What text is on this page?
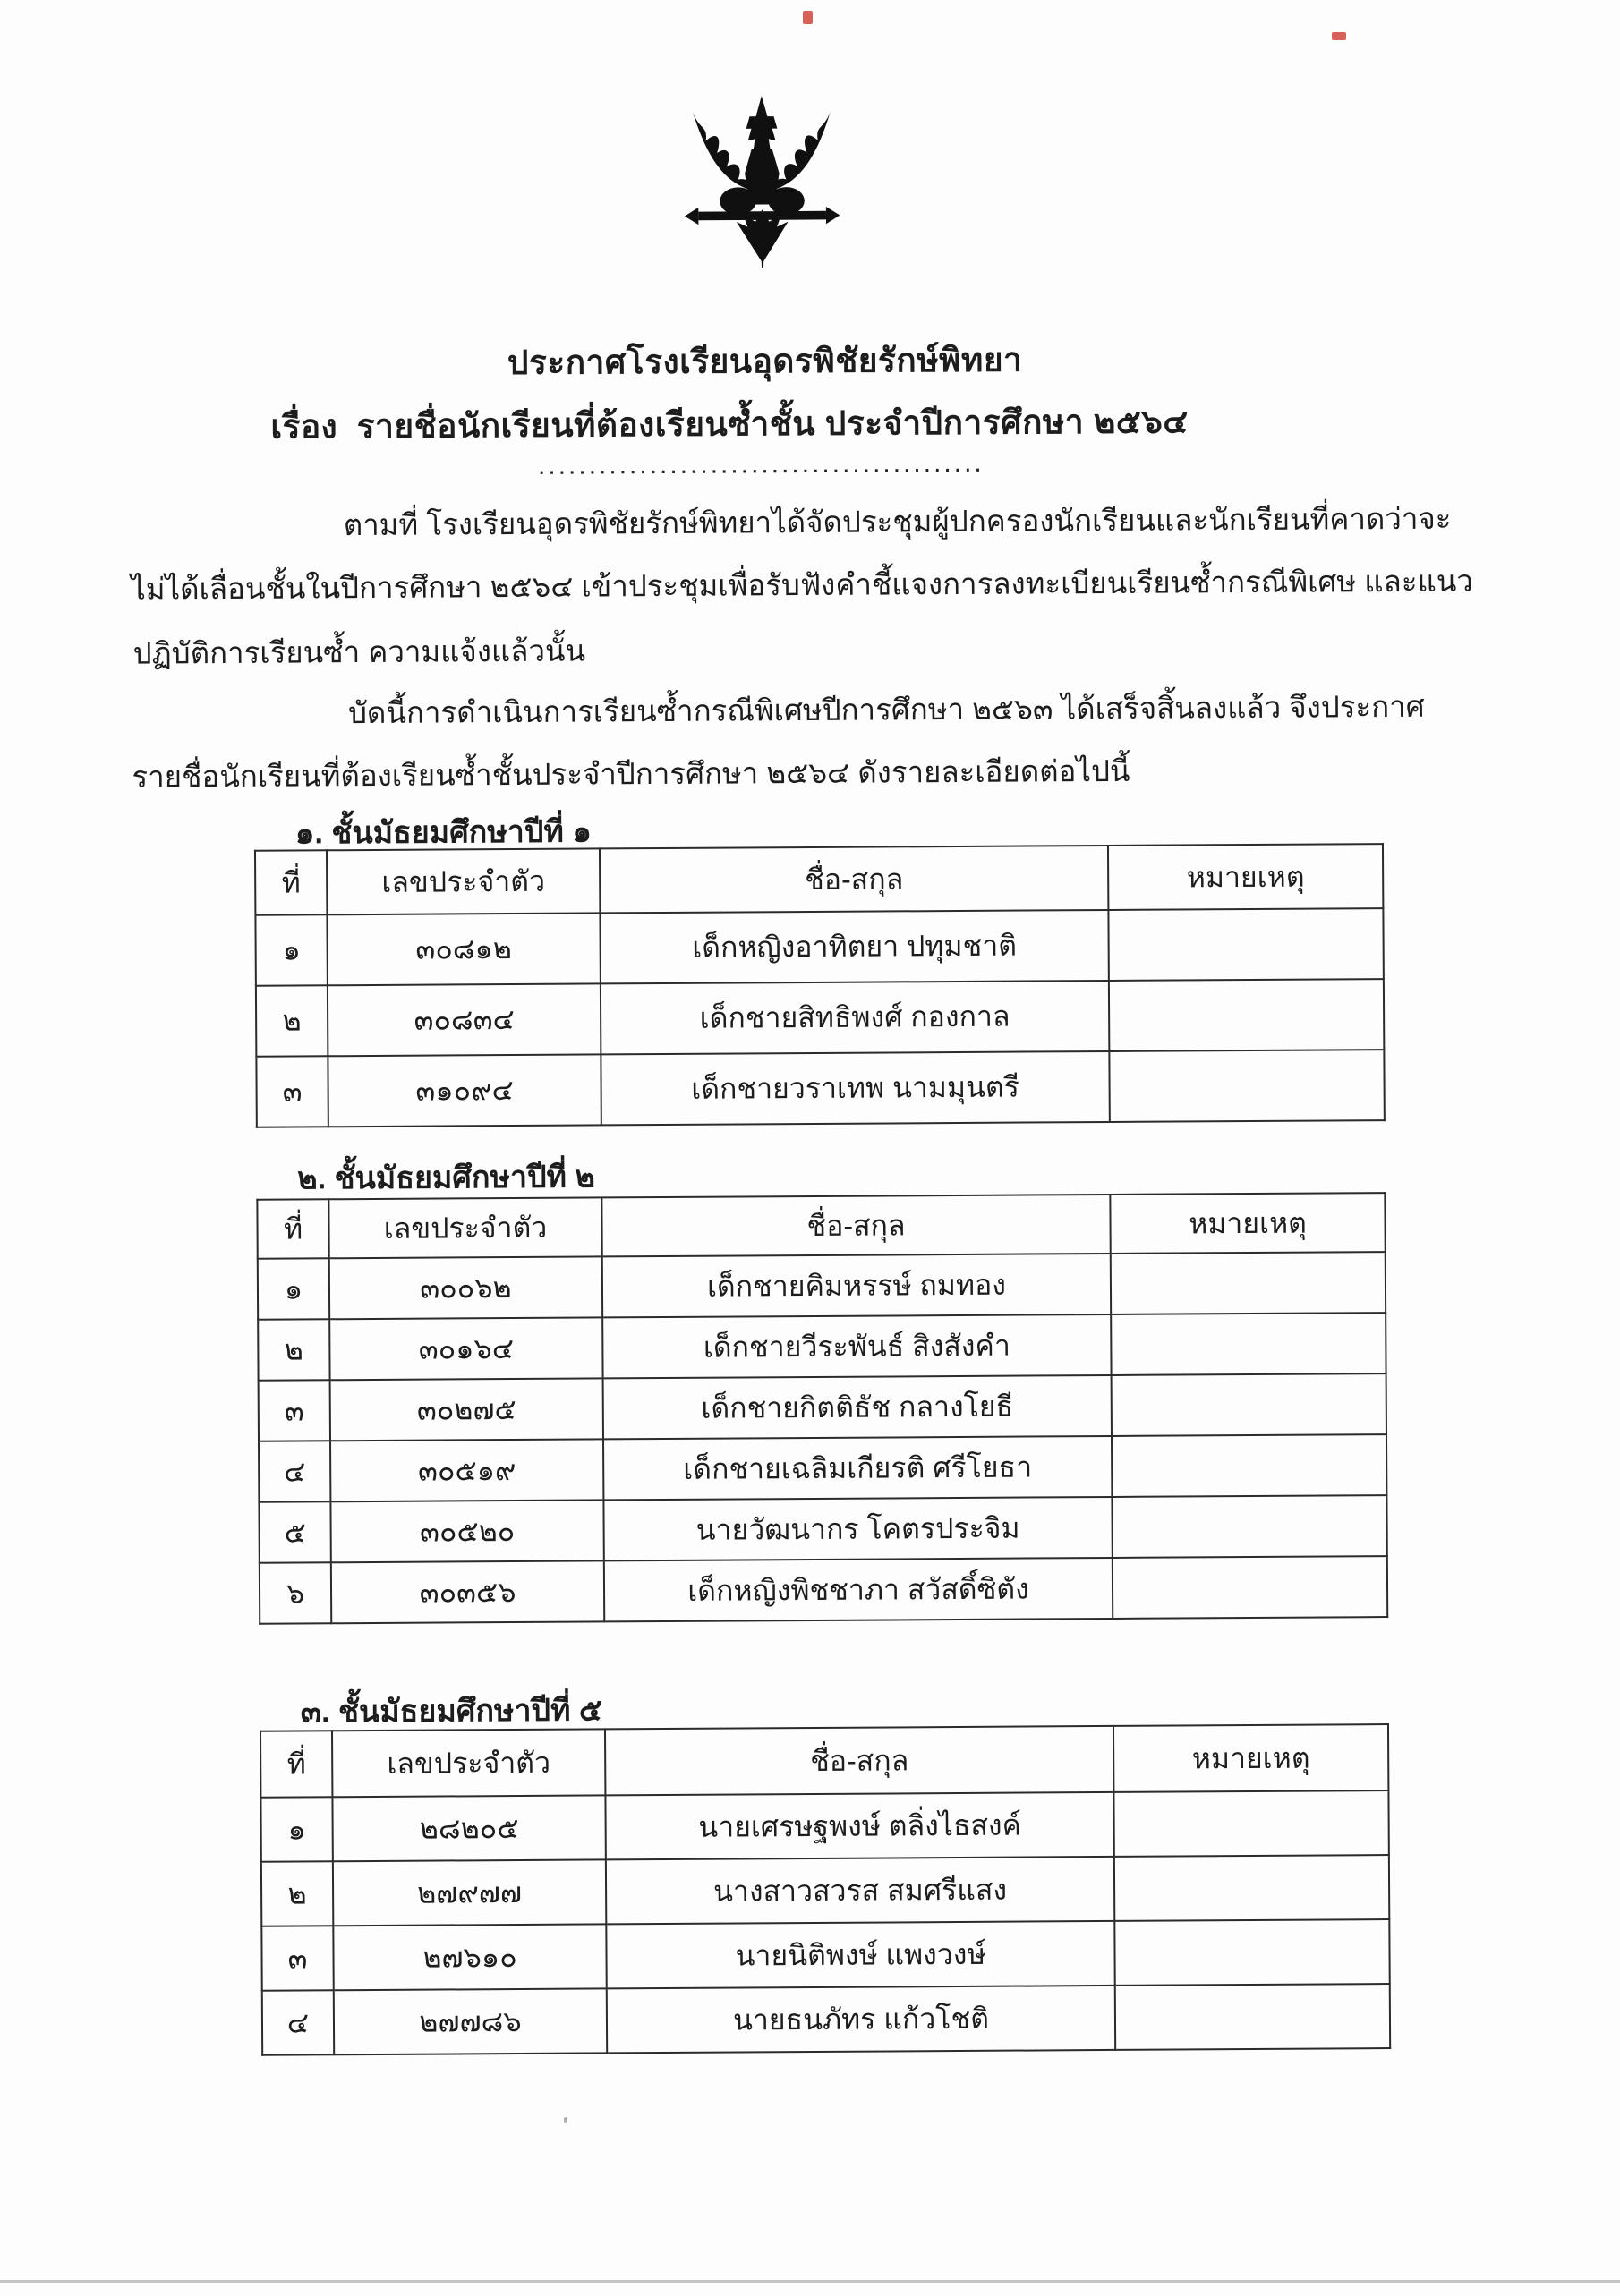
ประกาศโรงเรียนอุดรพิชัยรักษ์พิทยา
เรื่อง  รายชื่อนักเรียนที่ต้องเรียนซ้ำชั้น ประจำปีการศึกษา ๒๕๖๔
............................................
ตามที่ โรงเรียนอุดรพิชัยรักษ์พิทยาได้จัดประชุมผู้ปกครองนักเรียนและนักเรียนที่คาดว่าจะ
ไม่ได้เลื่อนชั้นในปีการศึกษา ๒๕๖๔ เข้าประชุมเพื่อรับฟังคำชี้แจงการลงทะเบียนเรียนซ้ำกรณีพิเศษ และแนว
ปฏิบัติการเรียนซ้ำ ความแจ้งแล้วนั้น
บัดนี้การดำเนินการเรียนซ้ำกรณีพิเศษปีการศึกษา ๒๕๖๓ ได้เสร็จสิ้นลงแล้ว จึงประกาศ
รายชื่อนักเรียนที่ต้องเรียนซ้ำชั้นประจำปีการศึกษา ๒๕๖๔ ดังรายละเอียดต่อไปนี้
๑. ชั้นมัธยมศึกษาปีที่ ๑
ที่	เลขประจำตัว	ชื่อ-สกุล	หมายเหตุ
๑	๓๐๘๑๒	เด็กหญิงอาทิตยา ปทุมชาติ	
๒	๓๐๘๓๔	เด็กชายสิทธิพงศ์ กองกาล	
๓	๓๑๐๙๔	เด็กชายวราเทพ นามมุนตรี	
๒. ชั้นมัธยมศึกษาปีที่ ๒
ที่	เลขประจำตัว	ชื่อ-สกุล	หมายเหตุ
๑	๓๐๐๖๒	เด็กชายคิมหรรษ์ ถมทอง	
๒	๓๐๑๖๔	เด็กชายวีระพันธ์ สิงสังคำ	
๓	๓๐๒๗๕	เด็กชายกิตติธัช กลางโยธี	
๔	๓๐๕๑๙	เด็กชายเฉลิมเกียรติ ศรีโยธา	
๕	๓๐๕๒๐	นายวัฒนากร โคตรประจิม	
๖	๓๐๓๕๖	เด็กหญิงพิชชาภา สวัสดิ์ซิตัง	
๓. ชั้นมัธยมศึกษาปีที่ ๕
ที่	เลขประจำตัว	ชื่อ-สกุล	หมายเหตุ
๑	๒๘๒๐๕	นายเศรษฐพงษ์ ตลิ่งไธสงค์	
๒	๒๗๙๗๗	นางสาวสวรส สมศรีแสง	
๓	๒๗๖๑๐	นายนิติพงษ์ แพงวงษ์	
๔	๒๗๗๘๖	นายธนภัทร แก้วโชติ	
